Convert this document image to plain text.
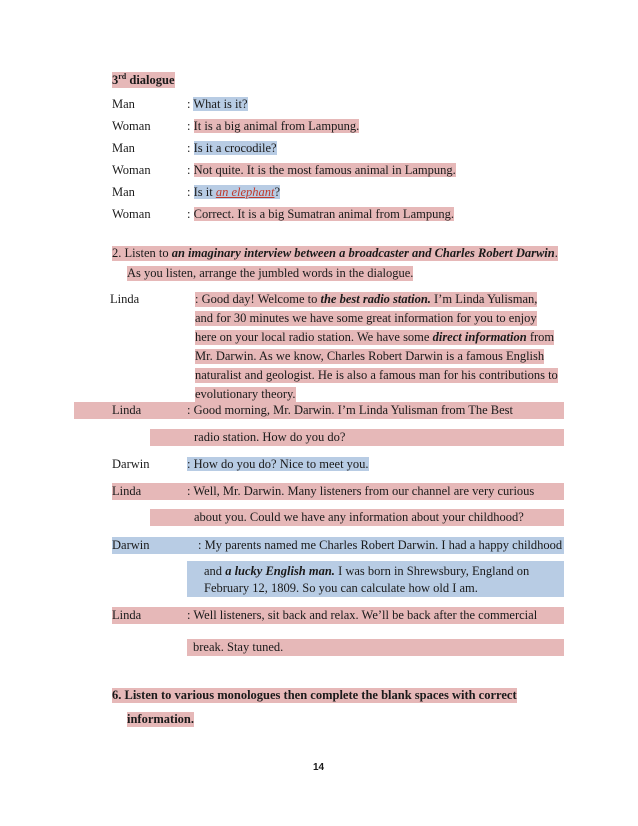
3rd dialogue
Man	: What is it?
Woman	: It is a big animal from Lampung.
Man	: Is it a crocodile?
Woman	: Not quite. It is the most famous animal in Lampung.
Man	: Is it an elephant?
Woman	: Correct. It is a big Sumatran animal from Lampung.
2. Listen to an imaginary interview between a broadcaster and Charles Robert Darwin.
As you listen, arrange the jumbled words in the dialogue.
Linda	: Good day! Welcome to the best radio station. I’m Linda Yulisman,
and for 30 minutes we have some great information for you to enjoy
here on your local radio station. We have some direct information from
Mr. Darwin. As we know, Charles Robert Darwin is a famous English
naturalist and geologist. He is also a famous man for his contributions to
evolutionary theory.
Linda	: Good morning, Mr. Darwin. I’m Linda Yulisman from The Best
radio station. How do you do?
Darwin	: How do you do? Nice to meet you.
Linda	: Well, Mr. Darwin. Many listeners from our channel are very curious
about you. Could we have any information about your childhood?
Darwin	: My parents named me Charles Robert Darwin. I had a happy childhood
and a lucky English man. I was born in Shrewsbury, England on
February 12, 1809. So you can calculate how old I am.
Linda	: Well listeners, sit back and relax. We’ll be back after the commercial
break. Stay tuned.
6. Listen to various monologues then complete the blank spaces with correct
information.
14
